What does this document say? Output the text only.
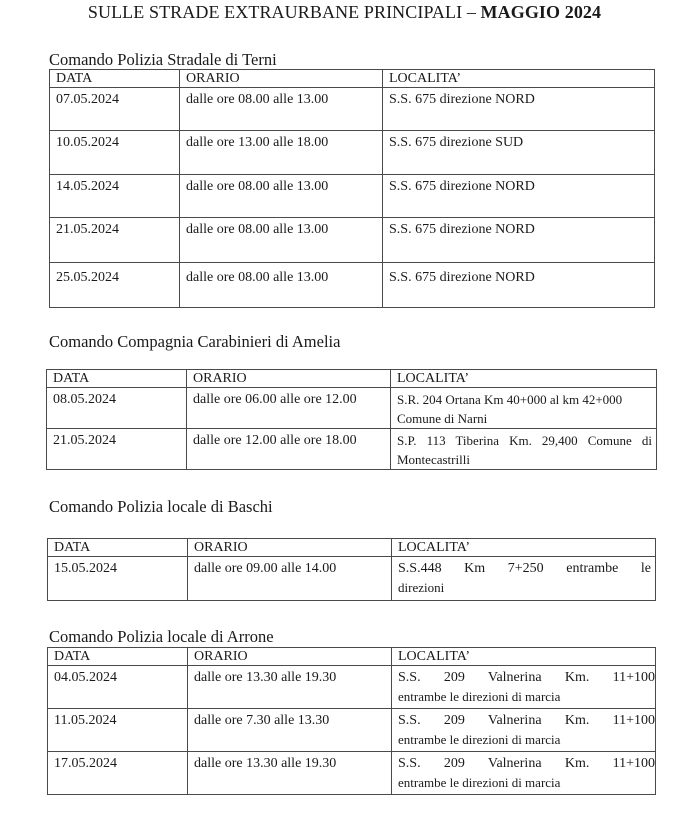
SULLE STRADE EXTRAURBANE PRINCIPALI – MAGGIO 2024
Comando Polizia Stradale di Terni
DATA	ORARIO	LOCALITA’
07.05.2024	dalle ore 08.00 alle 13.00	S.S. 675 direzione NORD

10.05.2024	dalle ore 13.00 alle 18.00	S.S. 675 direzione SUD

14.05.2024	dalle ore 08.00 alle 13.00	S.S. 675 direzione NORD

21.05.2024	dalle ore 08.00 alle 13.00	S.S. 675 direzione NORD

25.05.2024	dalle ore 08.00 alle 13.00	S.S. 675 direzione NORD
Comando Compagnia Carabinieri di Amelia
DATA	ORARIO	LOCALITA’
08.05.2024	dalle ore 06.00 alle ore 12.00	S.R. 204 Ortana Km 40+000 al km 42+000
Comune di Narni

21.05.2024	dalle ore 12.00 alle ore 18.00	S.P. 113 Tiberina Km. 29,400 Comune di
Montecastrilli
Comando Polizia locale di Baschi
DATA	ORARIO	LOCALITA’
15.05.2024	dalle ore 09.00 alle 14.00	S.S.448 Km 7+250 entrambe le
direzioni
Comando Polizia locale di Arrone
DATA	ORARIO	LOCALITA’
04.05.2024	dalle ore 13.30 alle 19.30	S.S. 209 Valnerina Km. 11+100
entrambe le direzioni di marcia

11.05.2024	dalle ore 7.30 alle 13.30	S.S. 209 Valnerina Km. 11+100
entrambe le direzioni di marcia

17.05.2024	dalle ore 13.30 alle 19.30	S.S. 209 Valnerina Km. 11+100
entrambe le direzioni di marcia
